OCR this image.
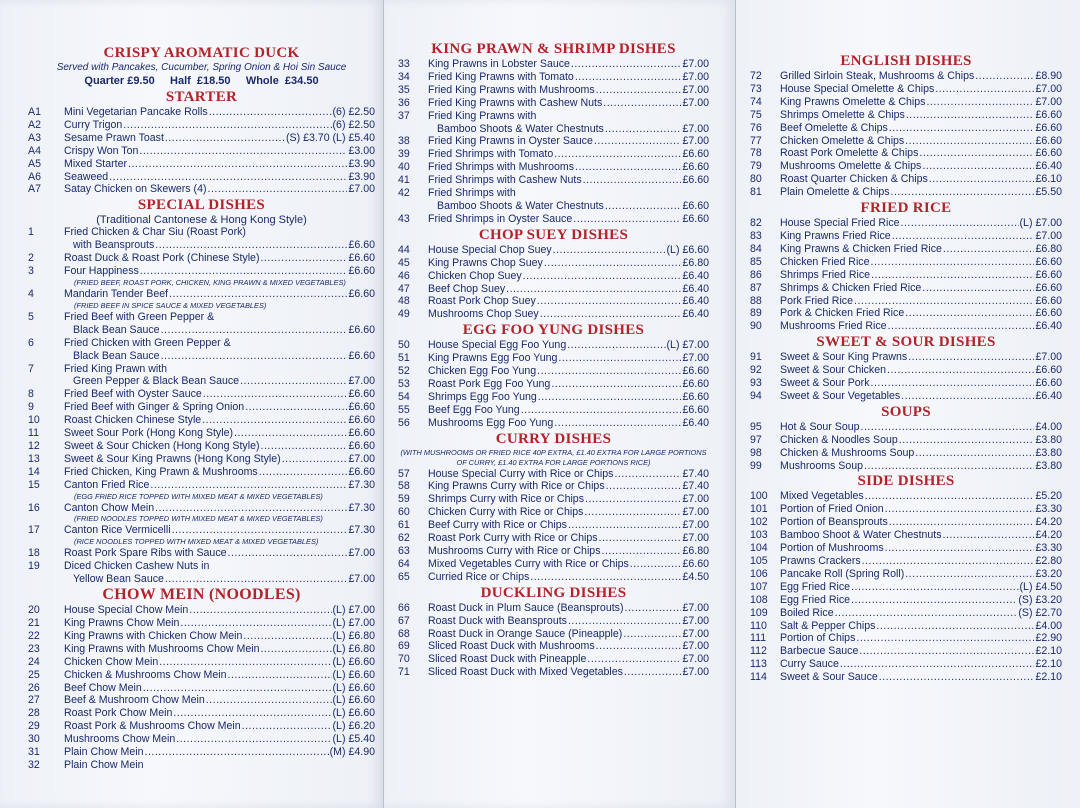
CRISPY AROMATIC DUCK
Served with Pancakes, Cucumber, Spring Onion & Hoi Sin Sauce
Quarter £9.50     Half  £18.50     Whole  £34.50
STARTER
A1	Mini Vegetarian Pancake Rolls .....	(6) £2.50
A2	Curry Trigon .....	(6) £2.50
A3	Sesame Prawn Toast .....	(S) £3.70 (L) £5.40
A4	Crispy Won Ton .....	£3.00
A5	Mixed Starter .....	£3.90
A6	Seaweed .....	£3.90
A7	Satay Chicken on Skewers (4) .....	£7.00
SPECIAL DISHES
(Traditional Cantonese & Hong Kong Style)
1	Fried Chicken & Char Siu (Roast Pork)
with Beansprouts .....	£6.60
2	Roast Duck & Roast Pork (Chinese Style) .....	£6.60
3	Four Happiness .....	£6.60
(FRIED BEEF, ROAST PORK, CHICKEN, KING PRAWN & MIXED VEGETABLES)
4	Mandarin Tender Beef .....	£6.60
(FRIED BEEF IN SPICE SAUCE & MIXED VEGETABLES)
5	Fried Beef with Green Pepper &
Black Bean Sauce .....	£6.60
6	Fried Chicken with Green Pepper &
Black Bean Sauce .....	£6.60
7	Fried King Prawn with
Green Pepper & Black Bean Sauce .....	£7.00
8	Fried Beef with Oyster Sauce .....	£6.60
9	Fried Beef with Ginger & Spring Onion .....	£6.60
10	Roast Chicken Chinese Style .....	£6.60
11	Sweet Sour Pork (Hong Kong Style) .....	£6.60
12	Sweet & Sour Chicken (Hong Kong Style) .....	£6.60
13	Sweet & Sour King Prawns (Hong Kong Style) .....	£7.00
14	Fried Chicken, King Prawn & Mushrooms .....	£6.60
15	Canton Fried Rice .....	£7.30
(EGG FRIED RICE TOPPED WITH MIXED MEAT & MIXED VEGETABLES)
16	Canton Chow Mein .....	£7.30
(FRIED NOODLES TOPPED WITH MIXED MEAT & MIXED VEGETABLES)
17	Canton Rice Vermicelli .....	£7.30
(RICE NOODLES TOPPED WITH MIXED MEAT & MIXED VEGETABLES)
18	Roast Pork Spare Ribs with Sauce .....	£7.00
19	Diced Chicken Cashew Nuts in
Yellow Bean Sauce .....	£7.00
CHOW MEIN (NOODLES)
20	House Special Chow Mein .....	(L) £7.00
21	King Prawns Chow Mein .....	(L) £7.00
22	King Prawns with Chicken Chow Mein .....	(L) £6.80
23	King Prawns with Mushrooms Chow Mein .....	(L) £6.80
24	Chicken Chow Mein .....	(L) £6.60
25	Chicken & Mushrooms Chow Mein .....	(L) £6.60
26	Beef Chow Mein .....	(L) £6.60
27	Beef & Mushroom Chow Mein .....	(L) £6.60
28	Roast Pork Chow Mein .....	(L) £6.60
29	Roast Pork & Mushrooms Chow Mein .....	(L) £6.20
30	Mushrooms Chow Mein .....	(L) £5.40
31	Plain Chow Mein .....	(M) £4.90
32	Plain Chow Mein
KING PRAWN & SHRIMP DISHES
33	King Prawns in Lobster Sauce .....	£7.00
34	Fried King Prawns with Tomato .....	£7.00
35	Fried King Prawns with Mushrooms .....	£7.00
36	Fried King Prawns with Cashew Nuts .....	£7.00
37	Fried King Prawns with
Bamboo Shoots & Water Chestnuts .....	£7.00
38	Fried King Prawns in Oyster Sauce .....	£7.00
39	Fried Shrimps with Tomato .....	£6.60
40	Fried Shrimps with Mushrooms .....	£6.60
41	Fried Shrimps with Cashew Nuts .....	£6.60
42	Fried Shrimps with
Bamboo Shoots & Water Chestnuts .....	£6.60
43	Fried Shrimps in Oyster Sauce .....	£6.60
CHOP SUEY DISHES
44	House Special Chop Suey .....	(L) £6.60
45	King Prawns Chop Suey .....	£6.80
46	Chicken Chop Suey .....	£6.40
47	Beef Chop Suey .....	£6.40
48	Roast Pork Chop Suey .....	£6.40
49	Mushrooms Chop Suey .....	£6.40
EGG FOO YUNG DISHES
50	House Special Egg Foo Yung .....	(L) £7.00
51	King Prawns Egg Foo Yung .....	£7.00
52	Chicken Egg Foo Yung .....	£6.60
53	Roast Pork Egg Foo Yung .....	£6.60
54	Shrimps Egg Foo Yung .....	£6.60
55	Beef Egg Foo Yung .....	£6.60
56	Mushrooms Egg Foo Yung .....	£6.40
CURRY DISHES
(WITH MUSHROOMS OR FRIED RICE 40P EXTRA, £1.40 EXTRA FOR LARGE PORTIONS OF CURRY, £1.40 EXTRA FOR LARGE PORTIONS RICE)
57	House Special Curry with Rice or Chips .....	£7.40
58	King Prawns Curry with Rice or Chips .....	£7.40
59	Shrimps Curry with Rice or Chips .....	£7.00
60	Chicken Curry with Rice or Chips .....	£7.00
61	Beef Curry with Rice or Chips .....	£7.00
62	Roast Pork Curry with Rice or Chips .....	£7.00
63	Mushrooms Curry with Rice or Chips .....	£6.80
64	Mixed Vegetables Curry with Rice or Chips .....	£6.60
65	Curried Rice or Chips .....	£4.50
DUCKLING DISHES
66	Roast Duck in Plum Sauce (Beansprouts) .....	£7.00
67	Roast Duck with Beansprouts .....	£7.00
68	Roast Duck in Orange Sauce (Pineapple) .....	£7.00
69	Sliced Roast Duck with Mushrooms .....	£7.00
70	Sliced Roast Duck with Pineapple .....	£7.00
71	Sliced Roast Duck with Mixed Vegetables .....	£7.00
ENGLISH DISHES
72	Grilled Sirloin Steak, Mushrooms & Chips .....	£8.90
73	House Special Omelette & Chips .....	£7.00
74	King Prawns Omelette & Chips .....	£7.00
75	Shrimps Omelette & Chips .....	£6.60
76	Beef Omelette & Chips .....	£6.60
77	Chicken Omelette & Chips .....	£6.60
78	Roast Pork Omelette & Chips .....	£6.60
79	Mushrooms Omelette & Chips .....	£6.40
80	Roast Quarter Chicken & Chips .....	£6.10
81	Plain Omelette & Chips .....	£5.50
FRIED RICE
82	House Special Fried Rice .....	(L) £7.00
83	King Prawns Fried Rice .....	£7.00
84	King Prawns & Chicken Fried Rice .....	£6.80
85	Chicken Fried Rice .....	£6.60
86	Shrimps Fried Rice .....	£6.60
87	Shrimps & Chicken Fried Rice .....	£6.60
88	Pork Fried Rice .....	£6.60
89	Pork & Chicken Fried Rice .....	£6.60
90	Mushrooms Fried Rice .....	£6.40
SWEET & SOUR DISHES
91	Sweet & Sour King Prawns .....	£7.00
92	Sweet & Sour Chicken .....	£6.60
93	Sweet & Sour Pork .....	£6.60
94	Sweet & Sour Vegetables .....	£6.40
SOUPS
95	Hot & Sour Soup .....	£4.00
97	Chicken & Noodles Soup .....	£3.80
98	Chicken & Mushrooms Soup .....	£3.80
99	Mushrooms Soup .....	£3.80
SIDE DISHES
100	Mixed Vegetables .....	£5.20
101	Portion of Fried Onion .....	£3.30
102	Portion of Beansprouts .....	£4.20
103	Bamboo Shoot & Water Chestnuts .....	£4.20
104	Portion of Mushrooms .....	£3.30
105	Prawns Crackers .....	£2.80
106	Pancake Roll (Spring Roll) .....	£3.20
107	Egg Fried Rice .....	(L) £4.50
108	Egg Fried Rice .....	(S) £3.20
109	Boiled Rice .....	(S) £2.70
110	Salt & Pepper Chips .....	£4.00
111	Portion of Chips .....	£2.90
112	Barbecue Sauce .....	£2.10
113	Curry Sauce .....	£2.10
114	Sweet & Sour Sauce .....	£2.10
